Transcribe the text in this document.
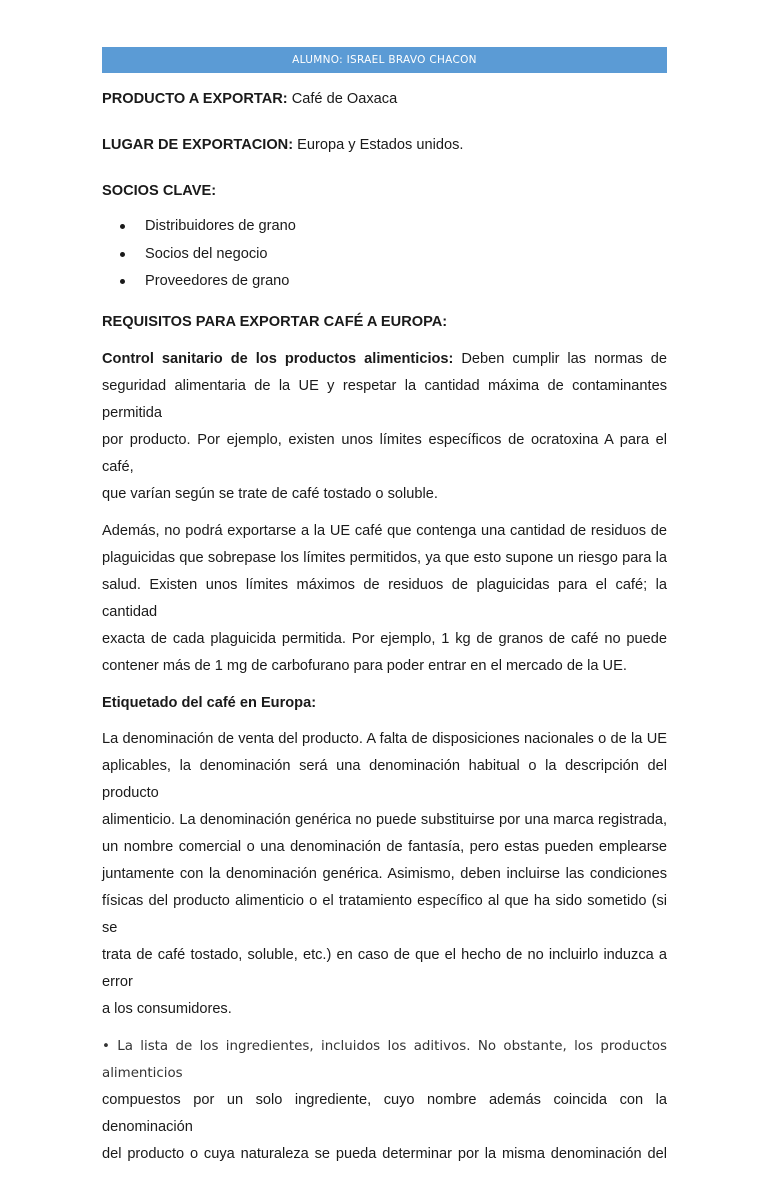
ALUMNO: ISRAEL BRAVO CHACON

PRODUCTO A EXPORTAR: Café de Oaxaca

LUGAR DE EXPORTACION: Europa y Estados unidos.

SOCIOS CLAVE:

Distribuidores de grano
Socios del negocio
Proveedores de grano

REQUISITOS PARA EXPORTAR CAFÉ A EUROPA:

Control sanitario de los productos alimenticios: Deben cumplir las normas de
seguridad alimentaria de la UE y respetar la cantidad máxima de contaminantes permitida
por producto. Por ejemplo, existen unos límites específicos de ocratoxina A para el café,
que varían según se trate de café tostado o soluble.

Además, no podrá exportarse a la UE café que contenga una cantidad de residuos de
plaguicidas que sobrepase los límites permitidos, ya que esto supone un riesgo para la
salud. Existen unos límites máximos de residuos de plaguicidas para el café; la cantidad
exacta de cada plaguicida permitida. Por ejemplo, 1 kg de granos de café no puede
contener más de 1 mg de carbofurano para poder entrar en el mercado de la UE.

Etiquetado del café en Europa:

La denominación de venta del producto. A falta de disposiciones nacionales o de la UE
aplicables, la denominación será una denominación habitual o la descripción del producto
alimenticio. La denominación genérica no puede substituirse por una marca registrada,
un nombre comercial o una denominación de fantasía, pero estas pueden emplearse
juntamente con la denominación genérica. Asimismo, deben incluirse las condiciones
físicas del producto alimenticio o el tratamiento específico al que ha sido sometido (si se
trata de café tostado, soluble, etc.) en caso de que el hecho de no incluirlo induzca a error
a los consumidores.

• La lista de los ingredientes, incluidos los aditivos. No obstante, los productos alimenticios
compuestos por un solo ingrediente, cuyo nombre además coincida con la denominación
del producto o cuya naturaleza se pueda determinar por la misma denominación del
